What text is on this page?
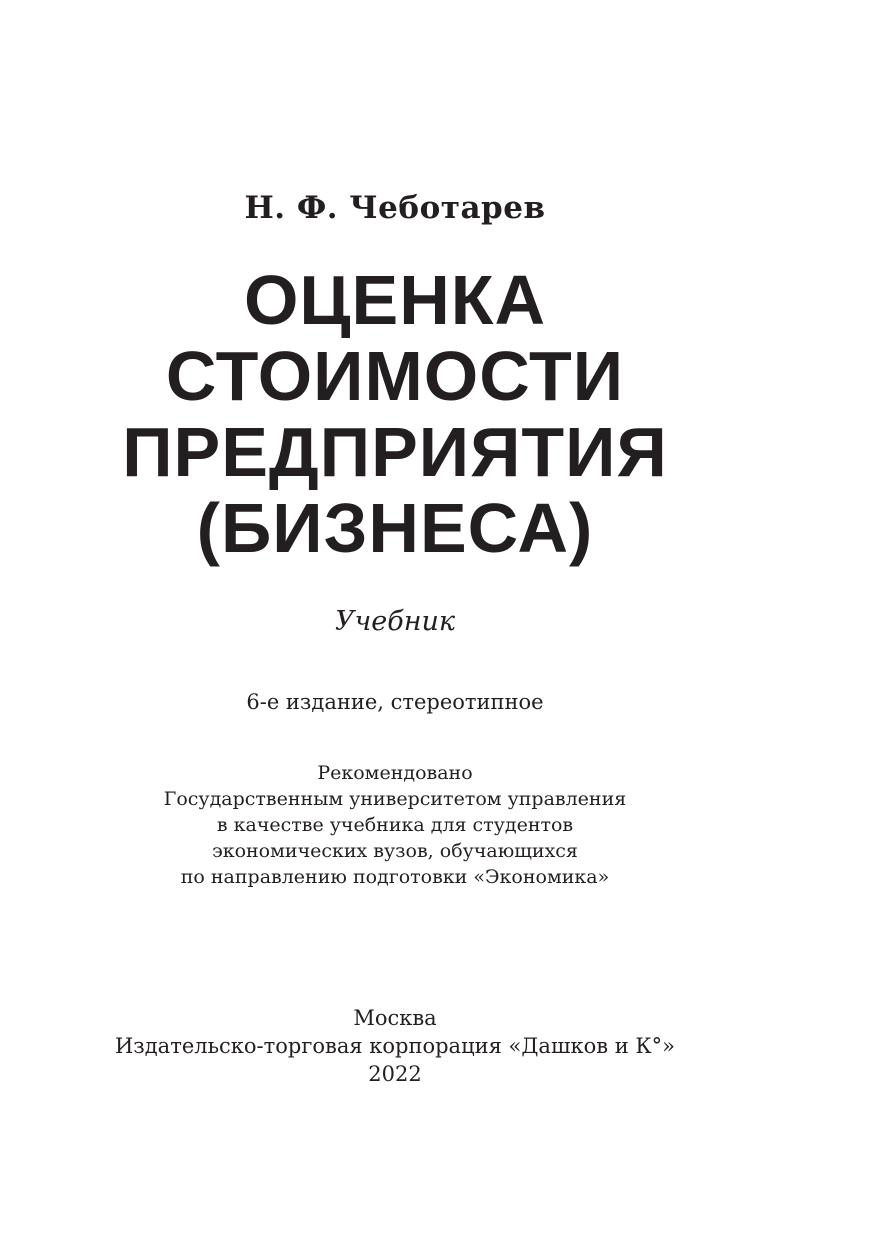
Н. Ф. Чеботарев
ОЦЕНКА
СТОИМОСТИ
ПРЕДПРИЯТИЯ
(БИЗНЕСА)
Учебник
6-е издание, стереотипное
Рекомендовано
Государственным университетом управления
в качестве учебника для студентов
экономических вузов, обучающихся
по направлению подготовки «Экономика»
Москва
Издательско-торговая корпорация «Дашков и К°»
2022
